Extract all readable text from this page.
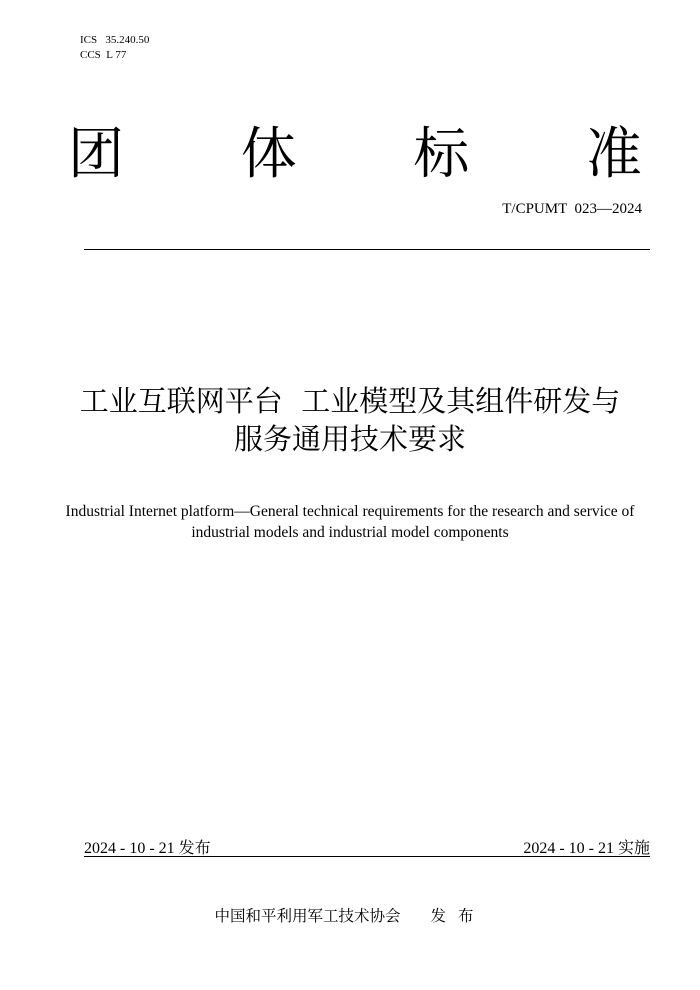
ICS   35.240.50
CCS  L 77
团 体 标 准
T/CPUMT  023—2024
工业互联网平台  工业模型及其组件研发与
服务通用技术要求
Industrial Internet platform—General technical requirements for the research and service of industrial models and industrial model components
2024 - 10 - 21 发布	2024 - 10 - 21 实施
中国和平利用军工技术协会 发布
